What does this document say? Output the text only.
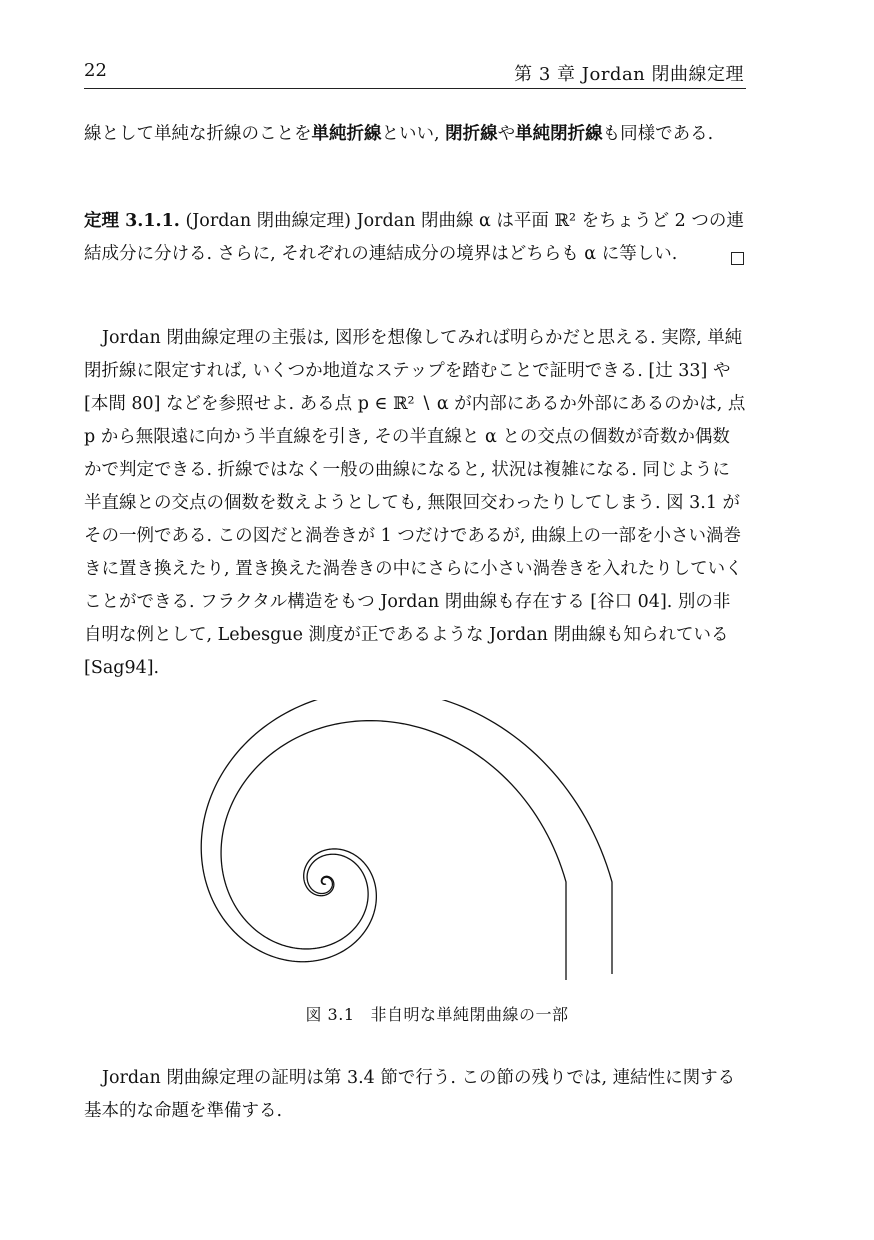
22	第 3 章 Jordan 閉曲線定理
線として単純な折線のことを単純折線といい, 閉折線や単純閉折線も同様である.
定理 3.1.1. (Jordan 閉曲線定理) Jordan 閉曲線 α は平面 ℝ² をちょうど 2 つの連結成分に分ける. さらに, それぞれの連結成分の境界はどちらも α に等しい.
Jordan 閉曲線定理の主張は, 図形を想像してみれば明らかだと思える. 実際, 単純閉折線に限定すれば, いくつか地道なステップを踏むことで証明できる. [辻 33] や [本間 80] などを参照せよ. ある点 p ∈ ℝ² ∖ α が内部にあるか外部にあるのかは, 点 p から無限遠に向かう半直線を引き, その半直線と α との交点の個数が奇数か偶数かで判定できる. 折線ではなく一般の曲線になると, 状況は複雑になる. 同じように半直線との交点の個数を数えようとしても, 無限回交わったりしてしまう. 図 3.1 がその一例である. この図だと渦巻きが 1 つだけであるが, 曲線上の一部を小さい渦巻きに置き換えたり, 置き換えた渦巻きの中にさらに小さい渦巻きを入れたりしていくことができる. フラクタル構造をもつ Jordan 閉曲線も存在する [谷口 04]. 別の非自明な例として, Lebesgue 測度が正であるような Jordan 閉曲線も知られている [Sag94].
図 3.1 非自明な単純閉曲線の一部
Jordan 閉曲線定理の証明は第 3.4 節で行う. この節の残りでは, 連結性に関する基本的な命題を準備する.
